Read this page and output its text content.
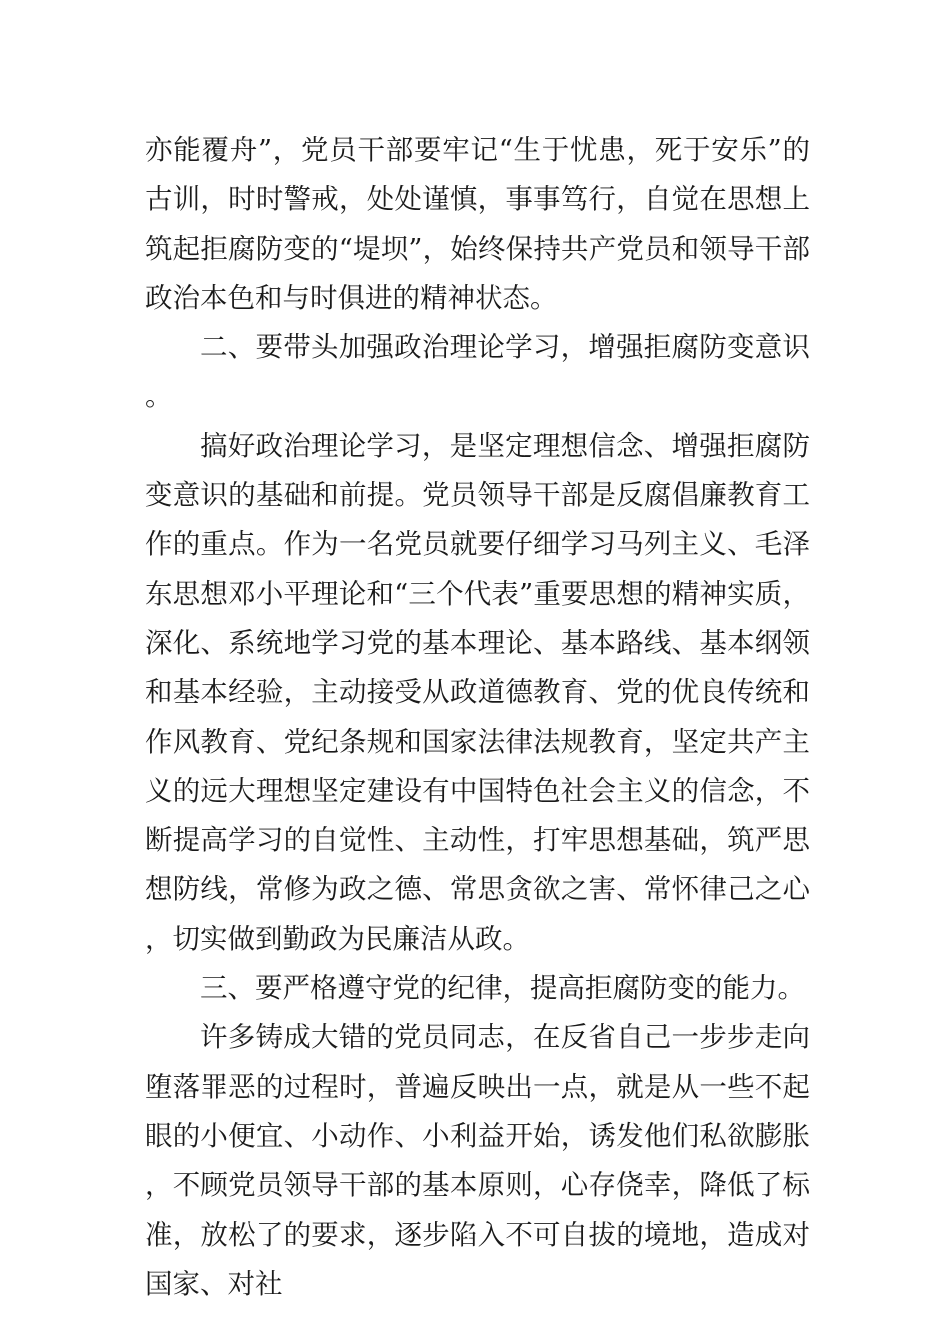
亦能覆舟”，党员干部要牢记“生于忧患，死于安乐”的古训，时时警戒，处处谨慎，事事笃行，自觉在思想上筑起拒腐防变的“堤坝”，始终保持共产党员和领导干部政治本色和与时俱进的精神状态。

二、要带头加强政治理论学习，增强拒腐防变意识。

搞好政治理论学习，是坚定理想信念、增强拒腐防变意识的基础和前提。党员领导干部是反腐倡廉教育工作的重点。作为一名党员就要仔细学习马列主义、毛泽东思想邓小平理论和“三个代表”重要思想的精神实质，深化、系统地学习党的基本理论、基本路线、基本纲领和基本经验，主动接受从政道德教育、党的优良传统和作风教育、党纪条规和国家法律法规教育，坚定共产主义的远大理想坚定建设有中国特色社会主义的信念，不断提高学习的自觉性、主动性，打牢思想基础，筑严思想防线，常修为政之德、常思贪欲之害、常怀律己之心，切实做到勤政为民廉洁从政。

三、要严格遵守党的纪律，提高拒腐防变的能力。

许多铸成大错的党员同志，在反省自己一步步走向堕落罪恶的过程时，普遍反映出一点，就是从一些不起眼的小便宜、小动作、小利益开始，诱发他们私欲膨胀，不顾党员领导干部的基本原则，心存侥幸，降低了标准，放松了的要求，逐步陷入不可自拔的境地，造成对国家、对社
